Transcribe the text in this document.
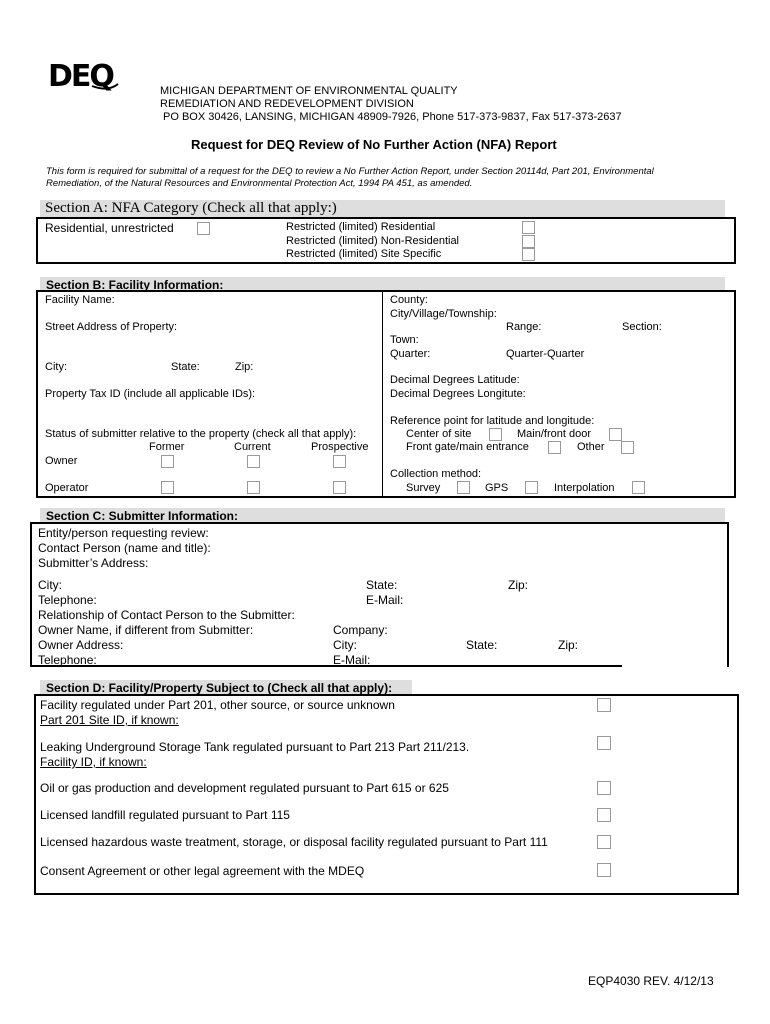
DEQ	MICHIGAN DEPARTMENT OF ENVIRONMENTAL QUALITY
REMEDIATION AND REDEVELOPMENT DIVISION
PO BOX 30426, LANSING, MICHIGAN 48909-7926, Phone 517-373-9837, Fax 517-373-2637
Request for DEQ Review of No Further Action (NFA) Report
This form is required for submittal of a request for the DEQ to review a No Further Action Report, under Section 20114d, Part 201, Environmental
Remediation, of the Natural Resources and Environmental Protection Act, 1994 PA 451, as amended.
Section A: NFA Category (Check all that apply:)
Residential, unrestricted	Restricted (limited) Residential
Restricted (limited) Non-Residential
Restricted (limited) Site Specific
Section B: Facility Information:
Facility Name:
Street Address of Property:
City:	State:	Zip:
Property Tax ID (include all applicable IDs):
Status of submitter relative to the property (check all that apply):
Former	Current	Prospective
Owner
Operator
County:
City/Village/Township:
Range:	Section:
Town:
Quarter:	Quarter-Quarter
Decimal Degrees Latitude:
Decimal Degrees Longitute:
Reference point for latitude and longitude:
Center of site	Main/front door
Front gate/main entrance	Other
Collection method:
Survey	GPS	Interpolation
Section C: Submitter Information:
Entity/person requesting review:
Contact Person (name and title):
Submitter’s Address:
City:	State:	Zip:
Telephone:	E-Mail:
Relationship of Contact Person to the Submitter:
Owner Name, if different from Submitter:	Company:
Owner Address:	City:	State:	Zip:
Telephone:	E-Mail:
Section D: Facility/Property Subject to (Check all that apply):
Facility regulated under Part 201, other source, or source unknown
Part 201 Site ID, if known:
Leaking Underground Storage Tank regulated pursuant to Part 213 Part 211/213.
Facility ID, if known:
Oil or gas production and development regulated pursuant to Part 615 or 625
Licensed landfill regulated pursuant to Part 115
Licensed hazardous waste treatment, storage, or disposal facility regulated pursuant to Part 111
Consent Agreement or other legal agreement with the MDEQ
EQP4030 REV. 4/12/13
